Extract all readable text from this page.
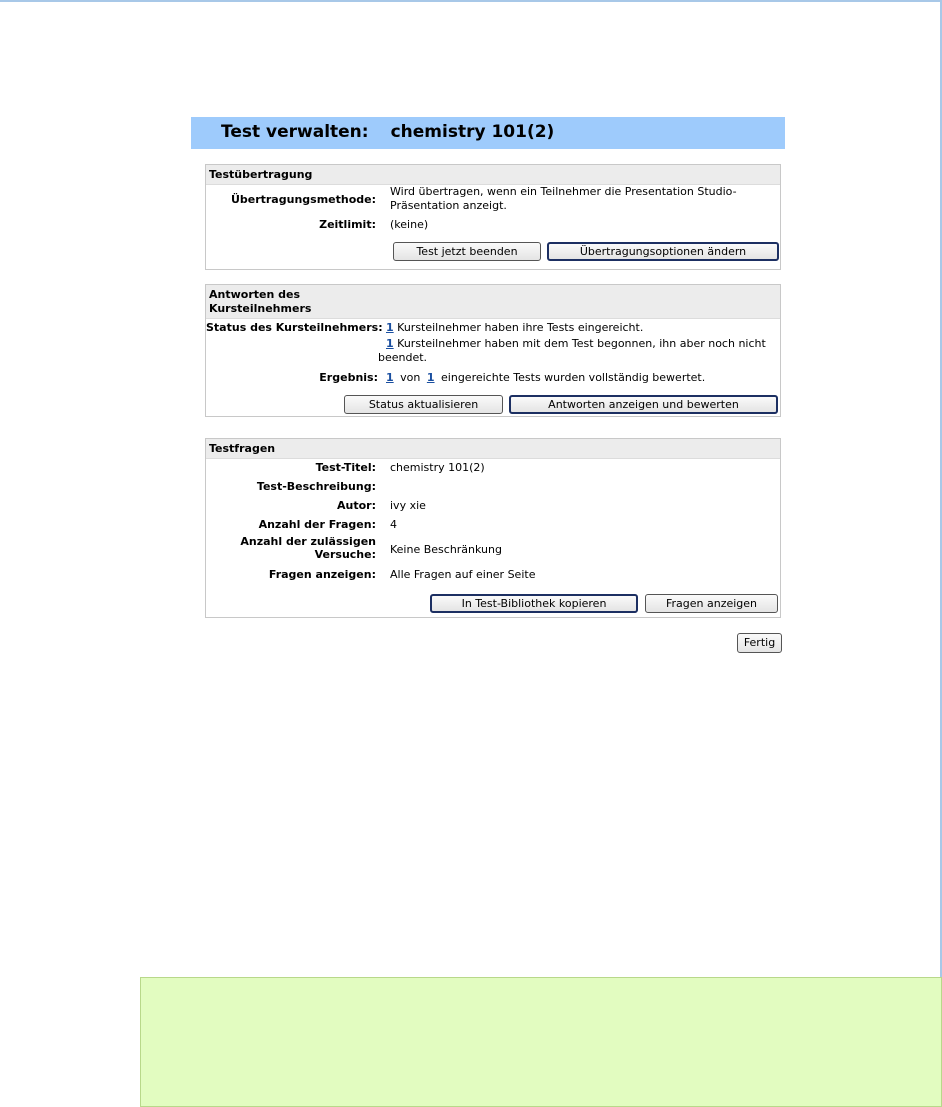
Test verwalten: chemistry 101(2)
Testübertragung
Übertragungsmethode:
Wird übertragen, wenn ein Teilnehmer die Presentation Studio-Präsentation anzeigt.
Zeitlimit: (keine)
Test jetzt beenden	Übertragungsoptionen ändern
Antworten des Kursteilnehmers
Status des Kursteilnehmers: 1 Kursteilnehmer haben ihre Tests eingereicht.
1 Kursteilnehmer haben mit dem Test begonnen, ihn aber noch nicht beendet.
Ergebnis: 1 von 1 eingereichte Tests wurden vollständig bewertet.
Status aktualisieren	Antworten anzeigen und bewerten
Testfragen
Test-Titel: chemistry 101(2)
Test-Beschreibung:
Autor: ivy xie
Anzahl der Fragen: 4
Anzahl der zulässigen Versuche: Keine Beschränkung
Fragen anzeigen: Alle Fragen auf einer Seite
In Test-Bibliothek kopieren	Fragen anzeigen
Fertig
